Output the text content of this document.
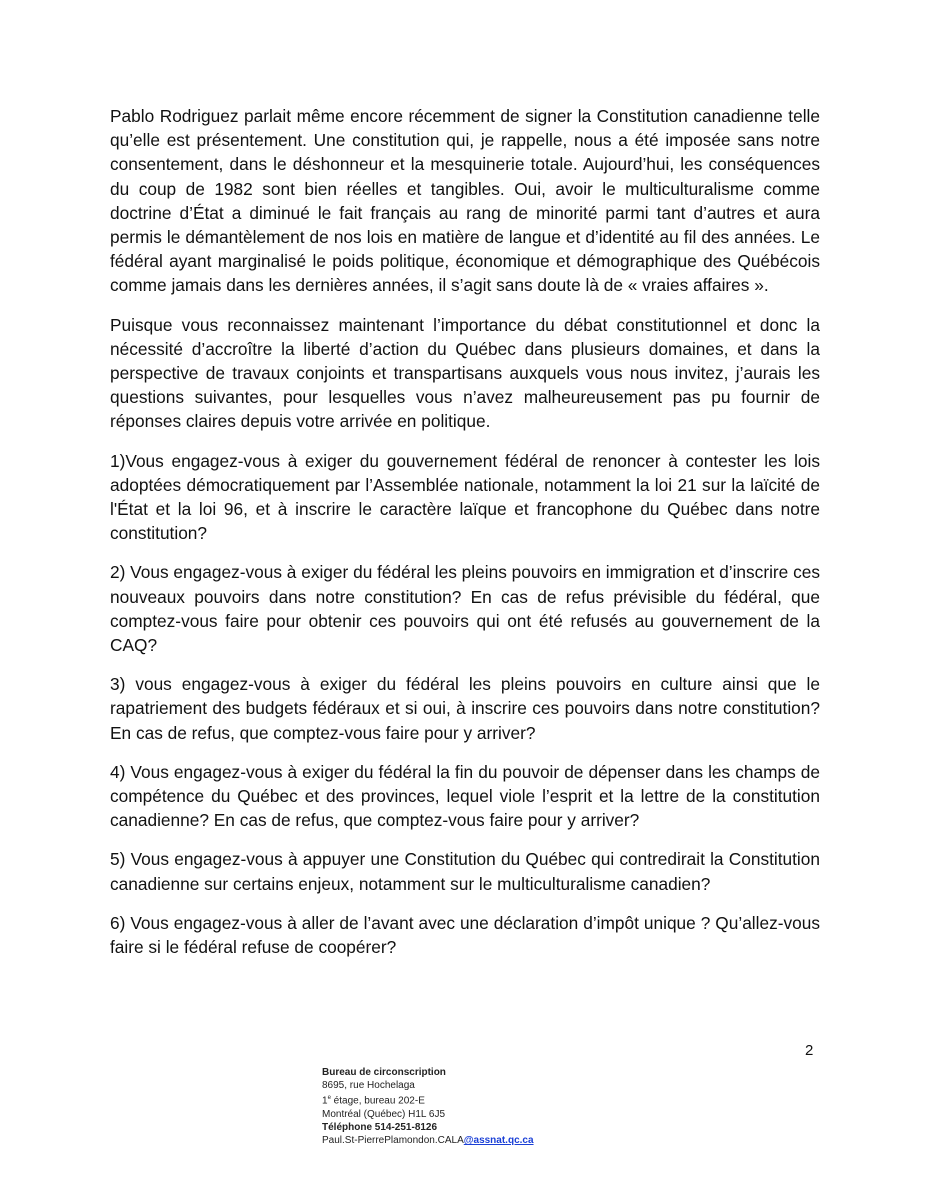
Pablo Rodriguez parlait même encore récemment de signer la Constitution canadienne telle qu’elle est présentement. Une constitution qui, je rappelle, nous a été imposée sans notre consentement, dans le déshonneur et la mesquinerie totale. Aujourd’hui, les conséquences du coup de 1982 sont bien réelles et tangibles. Oui, avoir le multiculturalisme comme doctrine d’État a diminué le fait français au rang de minorité parmi tant d’autres et aura permis le démantèlement de nos lois en matière de langue et d’identité au fil des années. Le fédéral ayant marginalisé le poids politique, économique et démographique des Québécois comme jamais dans les dernières années, il s’agit sans doute là de « vraies affaires ».

Puisque vous reconnaissez maintenant l’importance du débat constitutionnel et donc la nécessité d’accroître la liberté d’action du Québec dans plusieurs domaines, et dans la perspective de travaux conjoints et transpartisans auxquels vous nous invitez, j’aurais les questions suivantes, pour lesquelles vous n’avez malheureusement pas pu fournir de réponses claires depuis votre arrivée en politique.

1)Vous engagez-vous à exiger du gouvernement fédéral de renoncer à contester les lois adoptées démocratiquement par l’Assemblée nationale, notamment la loi 21 sur la laïcité de l'État et la loi 96, et à inscrire le caractère laïque et francophone du Québec dans notre constitution?

2) Vous engagez-vous à exiger du fédéral les pleins pouvoirs en immigration et d’inscrire ces nouveaux pouvoirs dans notre constitution? En cas de refus prévisible du fédéral, que comptez-vous faire pour obtenir ces pouvoirs qui ont été refusés au gouvernement de la CAQ?

3) vous engagez-vous à exiger du fédéral les pleins pouvoirs en culture ainsi que le rapatriement des budgets fédéraux et si oui, à inscrire ces pouvoirs dans notre constitution? En cas de refus, que comptez-vous faire pour y arriver?

4) Vous engagez-vous à exiger du fédéral la fin du pouvoir de dépenser dans les champs de compétence du Québec et des provinces, lequel viole l’esprit et la lettre de la constitution canadienne? En cas de refus, que comptez-vous faire pour y arriver?

5) Vous engagez-vous à appuyer une Constitution du Québec qui contredirait la Constitution canadienne sur certains enjeux, notamment sur le multiculturalisme canadien?

6) Vous engagez-vous à aller de l’avant avec une déclaration d’impôt unique ? Qu’allez-vous faire si le fédéral refuse de coopérer?

2
Bureau de circonscription
8695, rue Hochelaga
1e étage, bureau 202-E
Montréal (Québec) H1L 6J5
Téléphone 514-251-8126
Paul.St-PierrePlamondon.CALA@assnat.qc.ca
